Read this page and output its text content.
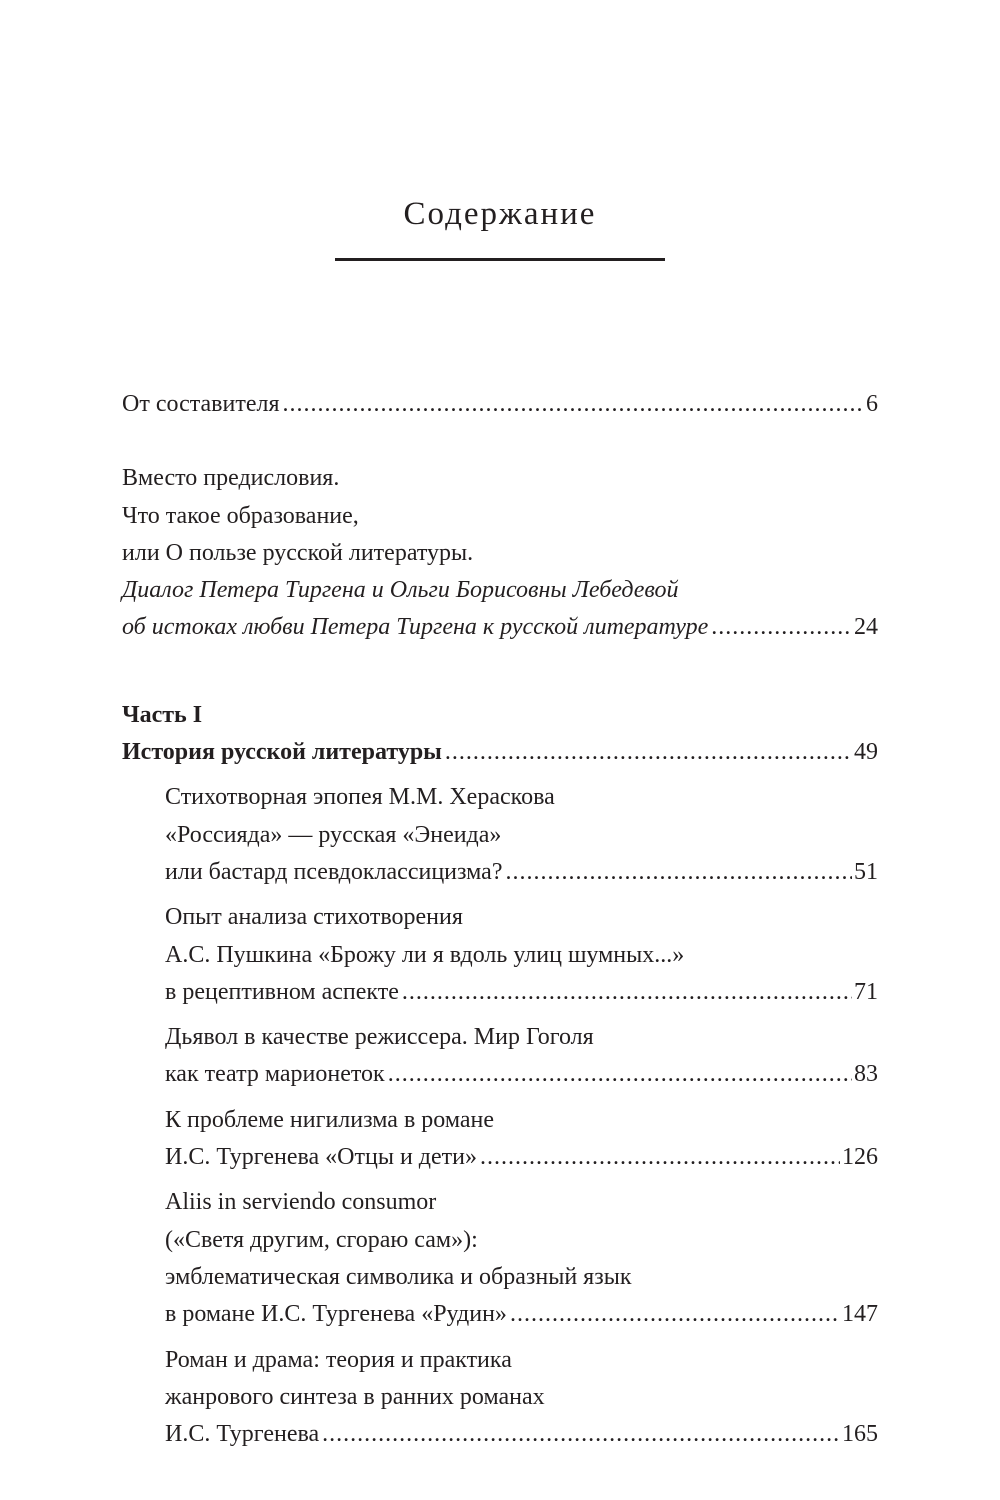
Содержание
От составителя .....	6
Вместо предисловия.
Что такое образование,
или О пользе русской литературы.
Диалог Петера Тиргена и Ольги Борисовны Лебедевой
об истоках любви Петера Тиргена к русской литературе .....	24
Часть I
История русской литературы .....	49
Стихотворная эпопея М.М. Хераскова
«Россияда» — русская «Энеида»
или бастард псевдоклассицизма? .....	51
Опыт анализа стихотворения
А.С. Пушкина «Брожу ли я вдоль улиц шумных...»
в рецептивном аспекте .....	71
Дьявол в качестве режиссера. Мир Гоголя
как театр марионеток .....	83
К проблеме нигилизма в романе
И.С. Тургенева «Отцы и дети» .....	126
Aliis in serviendo consumor
(«Светя другим, сгораю сам»):
эмблематическая символика и образный язык
в романе И.С. Тургенева «Рудин» .....	147
Роман и драма: теория и практика
жанрового синтеза в ранних романах
И.С. Тургенева .....	165
